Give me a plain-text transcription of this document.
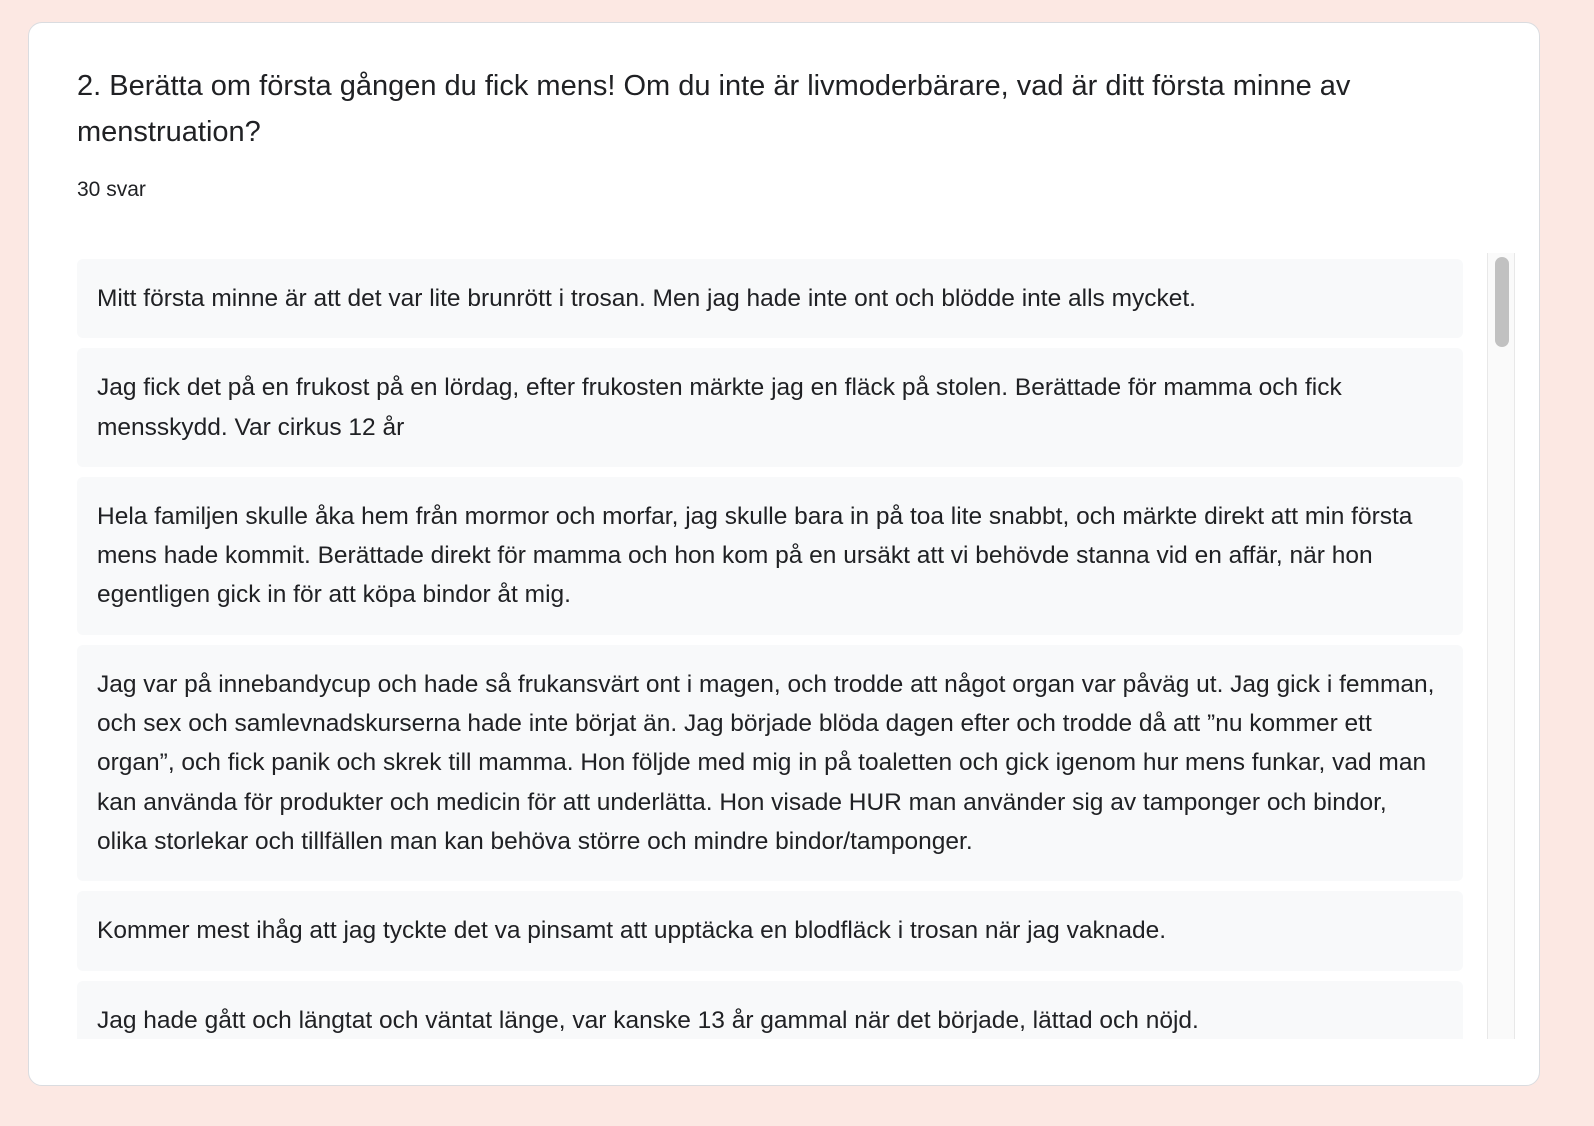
2. Berätta om första gången du fick mens! Om du inte är livmoderbärare, vad är ditt första minne av menstruation?
30 svar
Mitt första minne är att det var lite brunrött i trosan. Men jag hade inte ont och blödde inte alls mycket.
Jag fick det på en frukost på en lördag, efter frukosten märkte jag en fläck på stolen. Berättade för mamma och fick mensskydd. Var cirkus 12 år
Hela familjen skulle åka hem från mormor och morfar, jag skulle bara in på toa lite snabbt, och märkte direkt att min första mens hade kommit. Berättade direkt för mamma och hon kom på en ursäkt att vi behövde stanna vid en affär, när hon egentligen gick in för att köpa bindor åt mig.
Jag var på innebandycup och hade så frukansvärt ont i magen, och trodde att något organ var påväg ut. Jag gick i femman, och sex och samlevnadskurserna hade inte börjat än. Jag började blöda dagen efter och trodde då att ”nu kommer ett organ”, och fick panik och skrek till mamma. Hon följde med mig in på toaletten och gick igenom hur mens funkar, vad man kan använda för produkter och medicin för att underlätta. Hon visade HUR man använder sig av tamponger och bindor, olika storlekar och tillfällen man kan behöva större och mindre bindor/tamponger.
Kommer mest ihåg att jag tyckte det va pinsamt att upptäcka en blodfläck i trosan när jag vaknade.
Jag hade gått och längtat och väntat länge, var kanske 13 år gammal när det började, lättad och nöjd.
